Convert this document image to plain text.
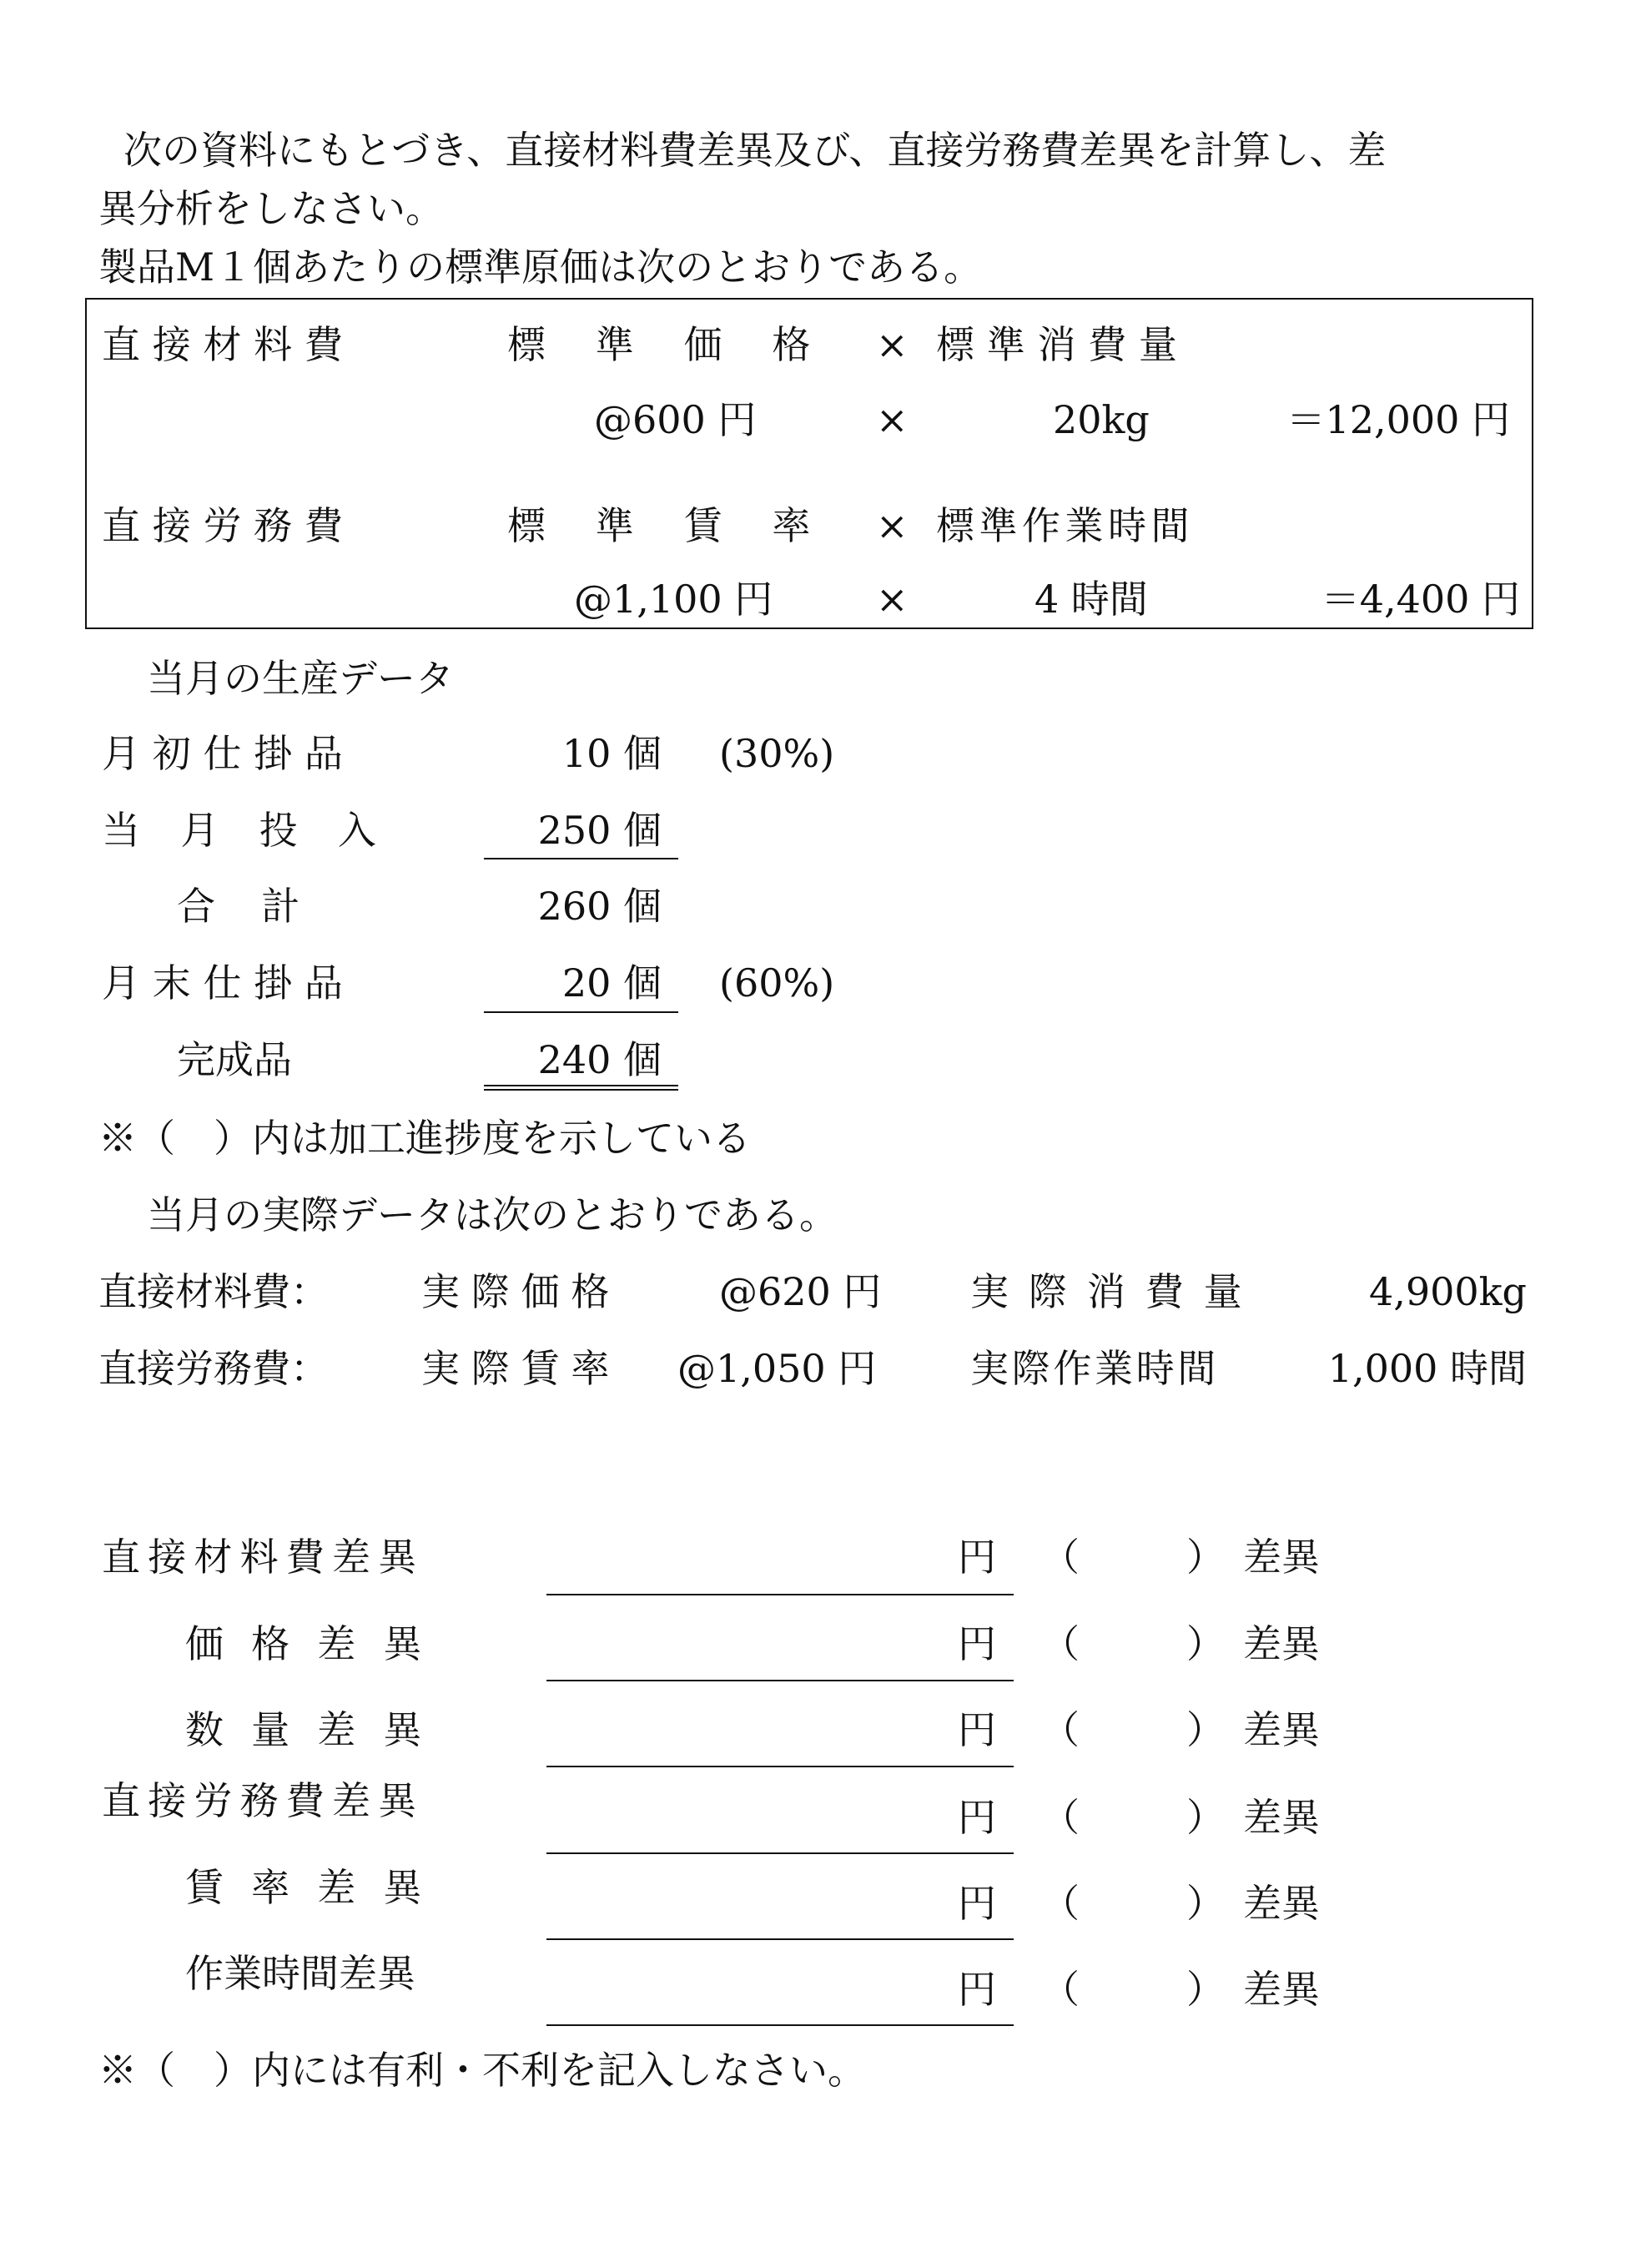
次の資料にもとづき、直接材料費差異及び、直接労務費差異を計算し、差
異分析をしなさい。
製品M１個あたりの標準原価は次のとおりである。
直接材料費	標準価格 × 標準消費量
@600 円	×	20kg	＝12,000 円
直接労務費	標準賃率 × 標準作業時間
@1,100 円	×	4 時間	＝4,400 円
当月の生産データ
月初仕掛品	10 個 (30%)
当月投入	250 個
合計	260 個
月末仕掛品	20 個 (60%)
完成品	240 個
※（　）内は加工進捗度を示している
当月の実際データは次のとおりである。
直接材料費： 実際価格	@620 円 実際消費量	4,900kg
直接労務費： 実際賃率 @1,050 円 実際作業時間	1,000 時間
直接材料費差異	円 （	） 差異
価格差異	円 （	） 差異
数量差異	円 （	） 差異
直接労務費差異	円 （	） 差異
賃率差異	円 （	） 差異
作業時間差異	円 （	） 差異
※（　）内には有利・不利を記入しなさい。
